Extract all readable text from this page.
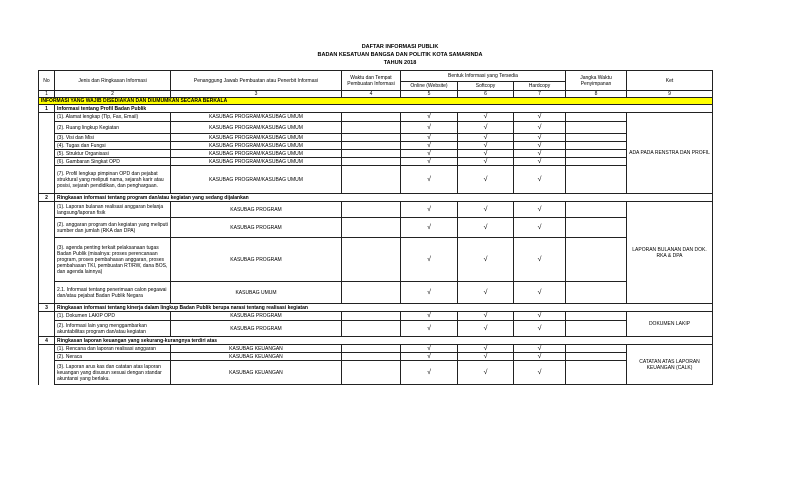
DAFTAR INFORMASI PUBLIK
BADAN KESATUAN BANGSA DAN POLITIK KOTA SAMARINDA
TAHUN 2018
No	Jenis dan Ringkasan Informasi	Penanggung Jawab Pembuatan atau Penerbit Informasi	Waktu dan Tempat Pembuatan Informasi	Bentuk Informasi yang Tersedia			Jangka Waktu Penyimpanan	Ket
				Online (Website)	Softcopy	Hardcopy		
1	2	3	4	5	6	7	8	9
INFORMASI YANG WAJIB DISEDIAKAN DAN DIUMUMKAN SECARA BERKALA								
1	Informasi tentang Profil Badan Publik							
	(1). Alamat lengkap (Tlp, Fax, Email)	KASUBAG PROGRAM/KASUBAG UMUM		√	√	√		ADA PADA RENSTRA DAN PROFIL
	(2). Ruang lingkup Kegiatan	KASUBAG PROGRAM/KASUBAG UMUM		√	√	√		
	(3). Visi dan Misi	KASUBAG PROGRAM/KASUBAG UMUM		√	√	√		
	(4). Tugas dan Fungsi	KASUBAG PROGRAM/KASUBAG UMUM		√	√	√		
	(5). Struktur Organisasi	KASUBAG PROGRAM/KASUBAG UMUM		√	√	√		
	(6). Gambaran Singkat OPD	KASUBAG PROGRAM/KASUBAG UMUM		√	√	√		
	(7). Profil lengkap pimpinan OPD dan pejabat struktural yang meliputi nama, sejarah karir atau posisi, sejarah pendidikan, dan penghargaan.	KASUBAG PROGRAM/KASUBAG UMUM		√	√	√		
2	Ringkasan informasi tentang program dan/atau kegiatan yang sedang dijalankan							
	(1). Laporan bulanan realisasi anggaran belanja langsung/laporan fisik	KASUBAG PROGRAM		√	√	√		LAPORAN BULANAN DAN DOK. RKA & DPA
	(2). anggaran program dan kegiatan yang meliputi sumber dan jumlah (RKA dan DPA)	KASUBAG PROGRAM		√	√	√		
	(3). agenda penting terkait pelaksanaan tugas Badan Publik (misalnya: proses perencanaan program, proses pembahasan anggaran, proses pembahasan TKI, pembuatan RT/RW, dana BOS, dan agenda lainnya)	KASUBAG PROGRAM		√	√	√		
	2.1. Informasi tentang penerimaan calon pegawai dan/atau pejabat Badan Publik Negara	KASUBAG UMUM		√	√	√		
3	Ringkasan informasi tentang kinerja dalam lingkup Badan Publik berupa narasi tentang realisasi kegiatan							
	(1). Dokumen LAKIP OPD	KASUBAG PROGRAM		√	√	√		DOKUMEN LAKIP
	(2). Informasi lain yang menggambarkan akuntabilitas program dan/atau kegiatan	KASUBAG PROGRAM		√	√	√		
4	Ringkasan laporan keuangan yang sekurang-kurangnya terdiri atas							
	(1). Rencana dan laporan realisasi anggaran	KASUBAG KEUANGAN		√	√	√		CATATAN ATAS LAPORAN KEUANGAN (CALK)
	(2). Neraca	KASUBAG KEUANGAN		√	√	√		
	(3). Laporan arus kas dan catatan atas laporan keuangan yang disusun sesuai dengan standar akuntansi yang berlaku.	KASUBAG KEUANGAN		√	√	√		
